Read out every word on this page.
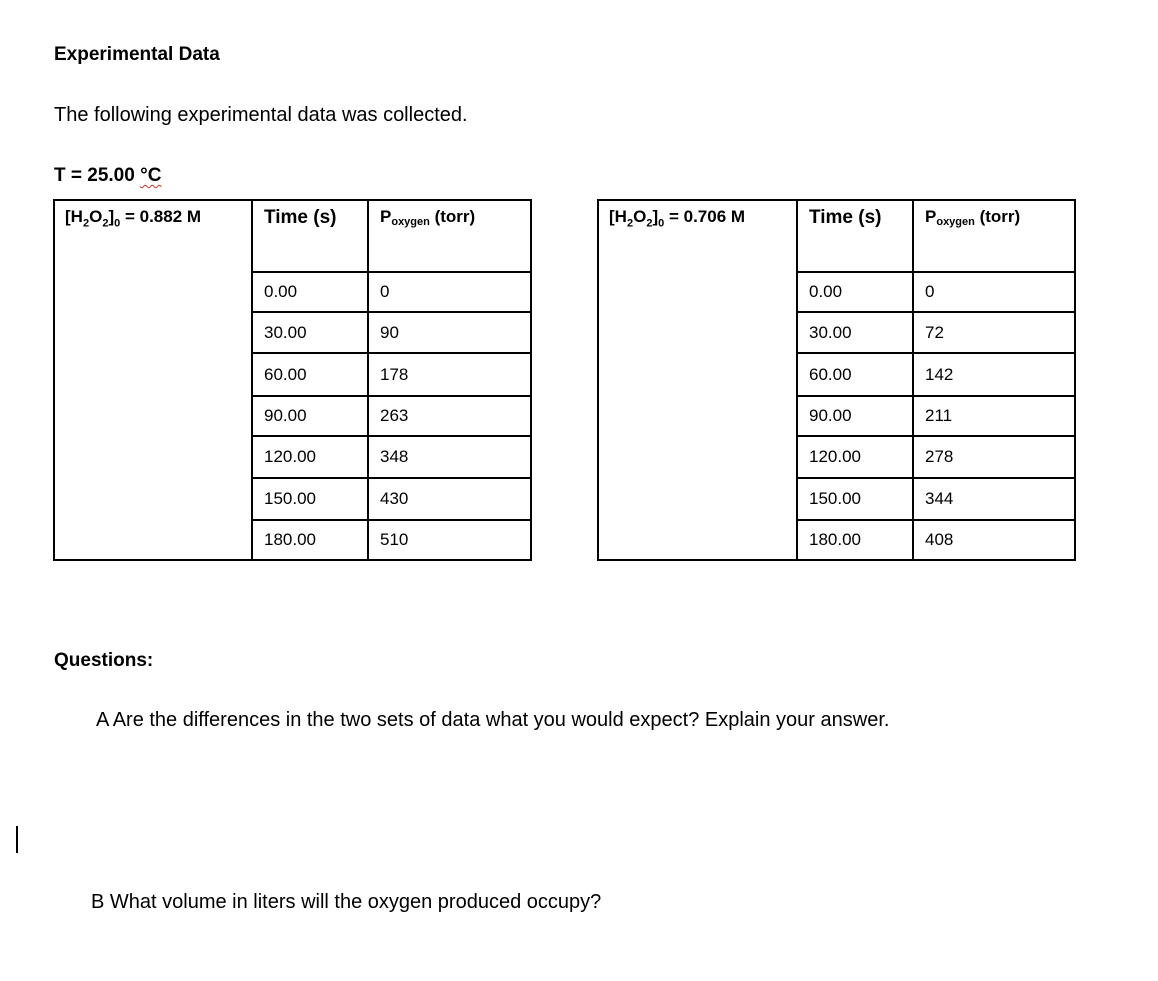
Experimental Data
The following experimental data was collected.
T = 25.00 °C
$[H_2O_2]_0 = 0.882$ M	Time (s)	$P_{oxygen}$ (torr)
	0.00	0
	30.00	90
	60.00	178
	90.00	263
	120.00	348
	150.00	430
	180.00	510
$[H_2O_2]_0 = 0.706$ M	Time (s)	$P_{oxygen}$ (torr)
	0.00	0
	30.00	72
	60.00	142
	90.00	211
	120.00	278
	150.00	344
	180.00	408
Questions:
A Are the differences in the two sets of data what you would expect? Explain your answer.
B What volume in liters will the oxygen produced occupy?
